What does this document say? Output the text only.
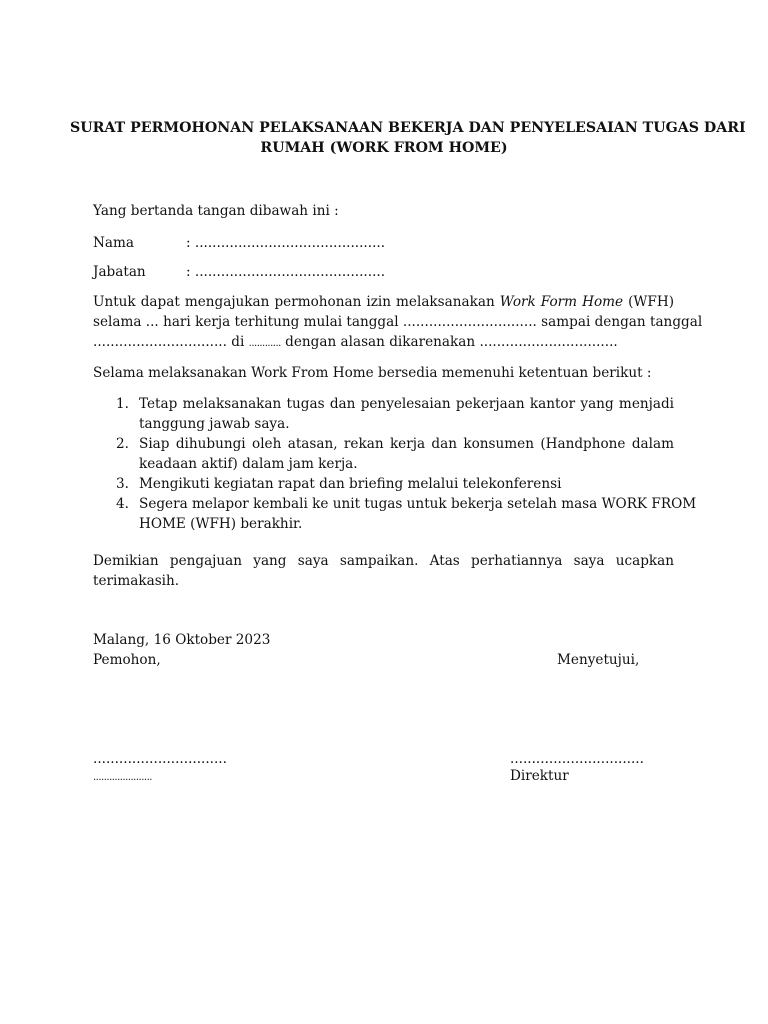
SURAT PERMOHONAN PELAKSANAAN BEKERJA DAN PENYELESAIAN TUGAS DARI
RUMAH (WORK FROM HOME)
Yang bertanda tangan dibawah ini :
Nama	: ............................................
Jabatan	: ............................................
Untuk dapat mengajukan permohonan izin melaksanakan Work Form Home (WFH)
selama ... hari kerja terhitung mulai tanggal ............................... sampai dengan tanggal
............................... di ............ dengan alasan dikarenakan ................................
Selama melaksanakan Work From Home bersedia memenuhi ketentuan berikut :
1. Tetap melaksanakan tugas dan penyelesaian pekerjaan kantor yang menjadi
tanggung jawab saya.
2. Siap dihubungi oleh atasan, rekan kerja dan konsumen (Handphone dalam
keadaan aktif) dalam jam kerja.
3. Mengikuti kegiatan rapat dan briefing melalui telekonferensi
4. Segera melapor kembali ke unit tugas untuk bekerja setelah masa WORK FROM
HOME (WFH) berakhir.
Demikian pengajuan yang saya sampaikan. Atas perhatiannya saya ucapkan
terimakasih.
Malang, 16 Oktober 2023
Pemohon,	Menyetujui,
...............................	...............................
......................	Direktur
